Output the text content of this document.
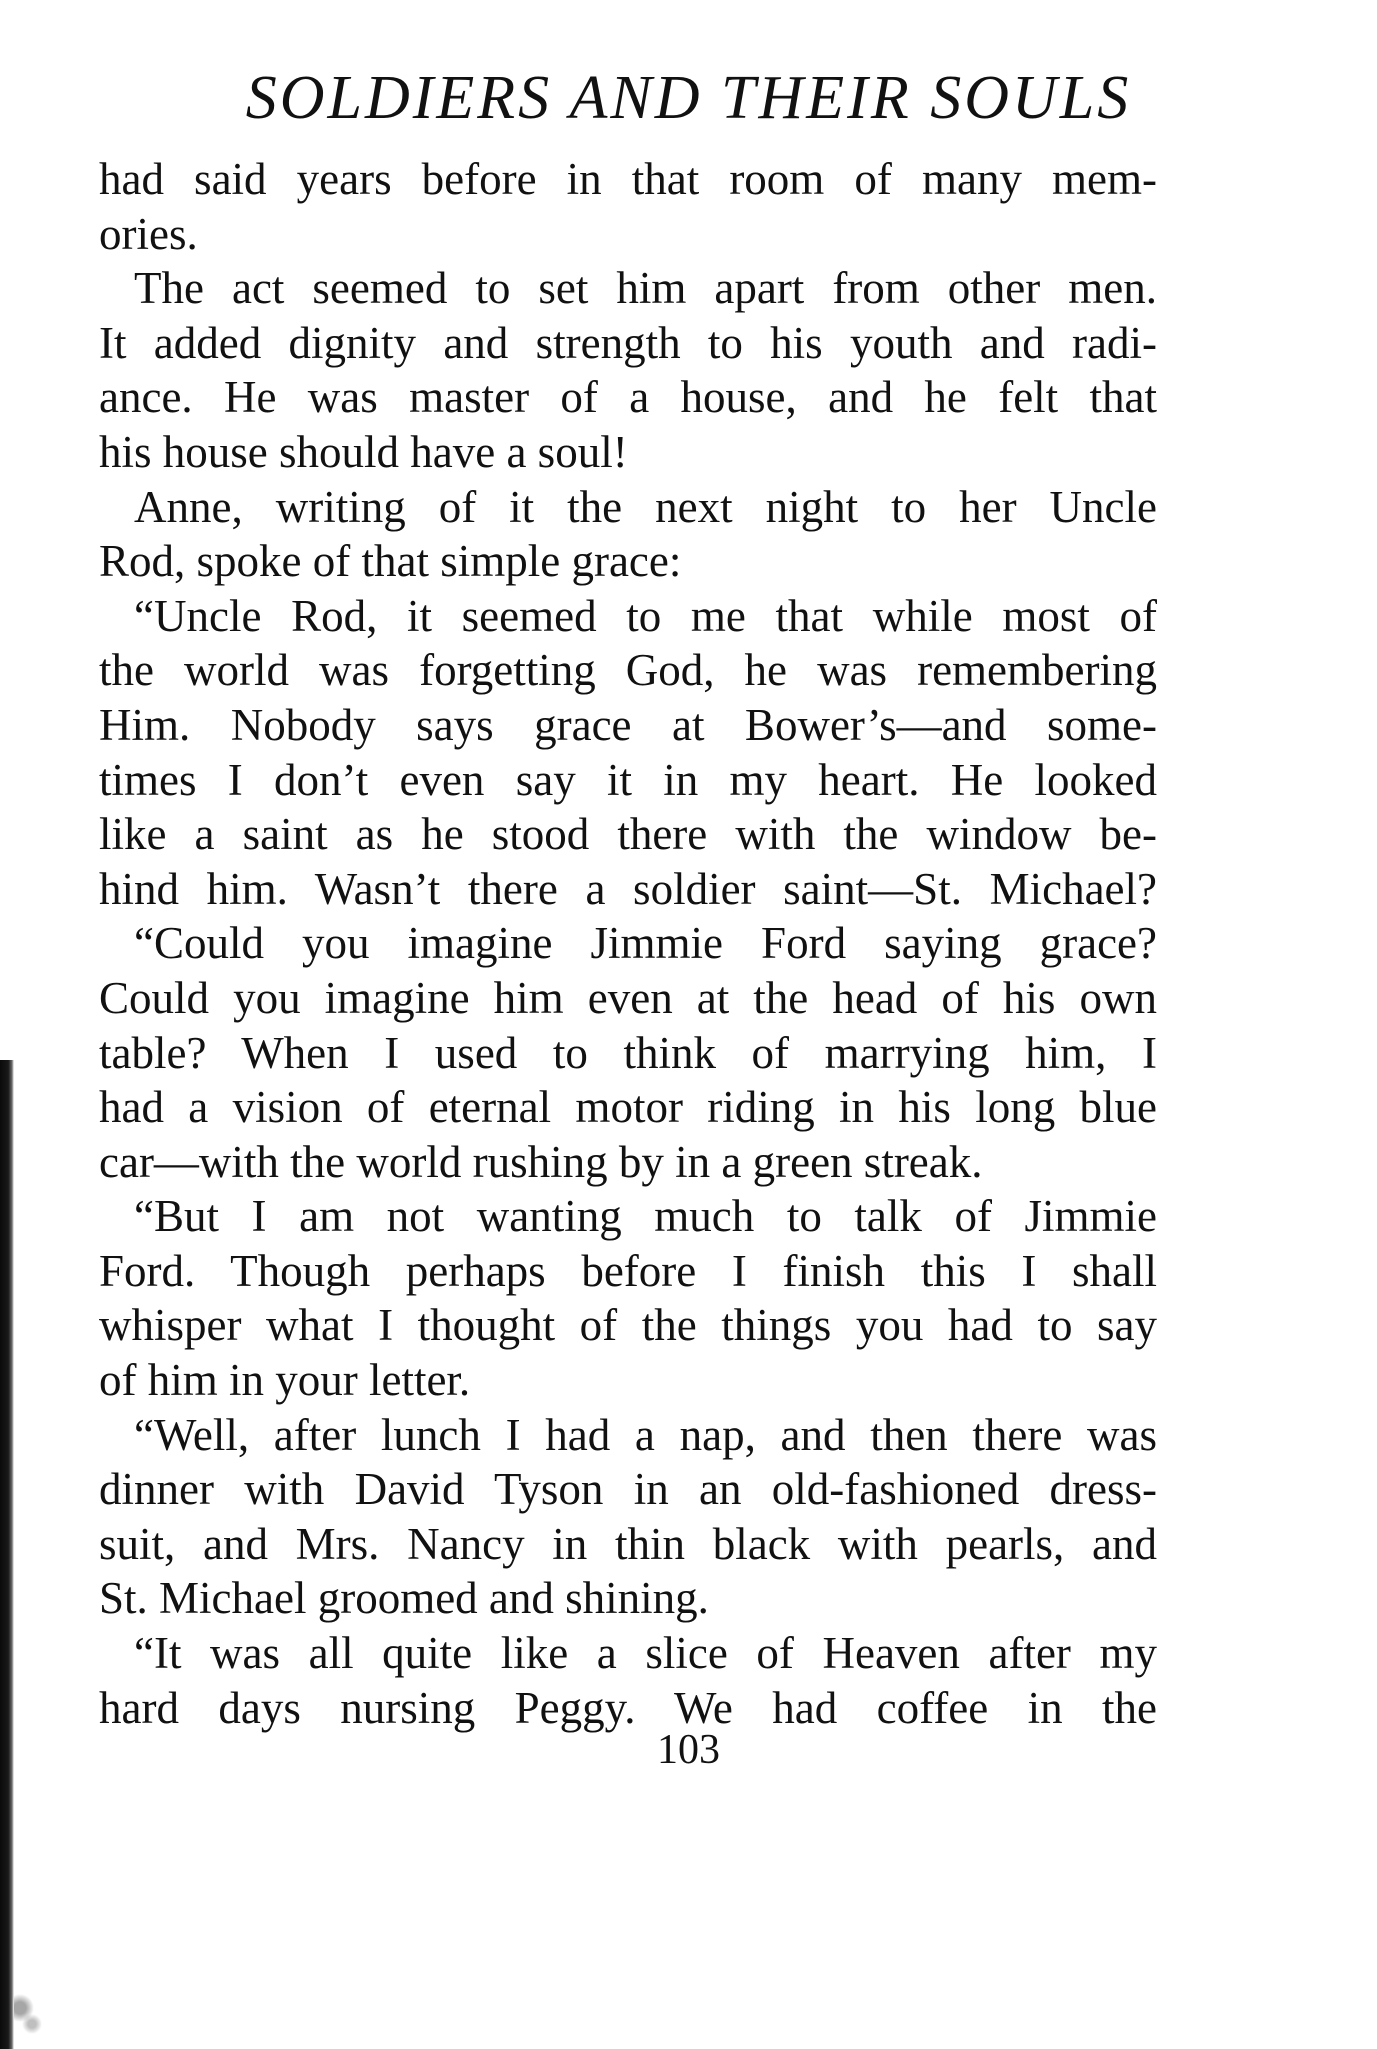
SOLDIERS AND THEIR SOULS
had said years before in that room of many mem-
ories.
The act seemed to set him apart from other men.
It added dignity and strength to his youth and radi-
ance. He was master of a house, and he felt that
his house should have a soul!
Anne, writing of it the next night to her Uncle
Rod, spoke of that simple grace:
“Uncle Rod, it seemed to me that while most of
the world was forgetting God, he was remembering
Him. Nobody says grace at Bower’s—and some-
times I don’t even say it in my heart. He looked
like a saint as he stood there with the window be-
hind him. Wasn’t there a soldier saint—St. Michael?
“Could you imagine Jimmie Ford saying grace?
Could you imagine him even at the head of his own
table? When I used to think of marrying him, I
had a vision of eternal motor riding in his long blue
car—with the world rushing by in a green streak.
“But I am not wanting much to talk of Jimmie
Ford. Though perhaps before I finish this I shall
whisper what I thought of the things you had to say
of him in your letter.
“Well, after lunch I had a nap, and then there was
dinner with David Tyson in an old-fashioned dress-
suit, and Mrs. Nancy in thin black with pearls, and
St. Michael groomed and shining.
“It was all quite like a slice of Heaven after my
hard days nursing Peggy. We had coffee in the
103
